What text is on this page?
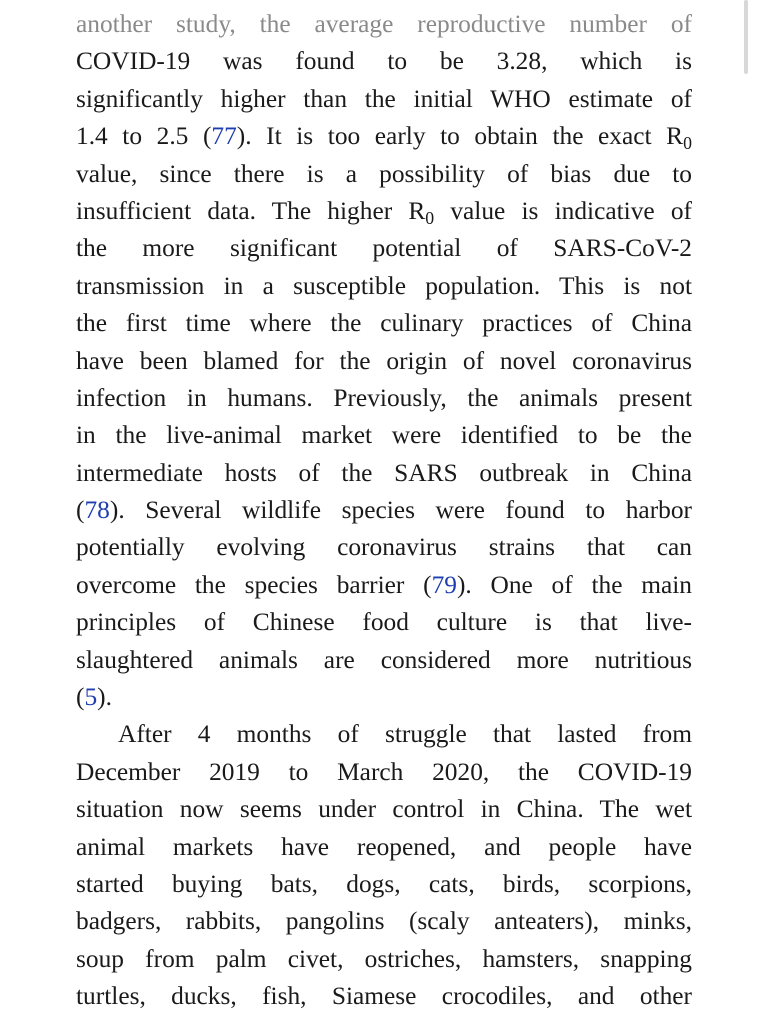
another study, the average reproductive number of
COVID-19 was found to be 3.28, which is
significantly higher than the initial WHO estimate of
1.4 to 2.5 (77). It is too early to obtain the exact $R_0$
value, since there is a possibility of bias due to
insufficient data. The higher $R_0$ value is indicative of
the more significant potential of SARS-CoV-2
transmission in a susceptible population. This is not
the first time where the culinary practices of China
have been blamed for the origin of novel coronavirus
infection in humans. Previously, the animals present
in the live-animal market were identified to be the
intermediate hosts of the SARS outbreak in China
(78). Several wildlife species were found to harbor
potentially evolving coronavirus strains that can
overcome the species barrier (79). One of the main
principles of Chinese food culture is that live-
slaughtered animals are considered more nutritious
(5).

After 4 months of struggle that lasted from
December 2019 to March 2020, the COVID-19
situation now seems under control in China. The wet
animal markets have reopened, and people have
started buying bats, dogs, cats, birds, scorpions,
badgers, rabbits, pangolins (scaly anteaters), minks,
soup from palm civet, ostriches, hamsters, snapping
turtles, ducks, fish, Siamese crocodiles, and other
